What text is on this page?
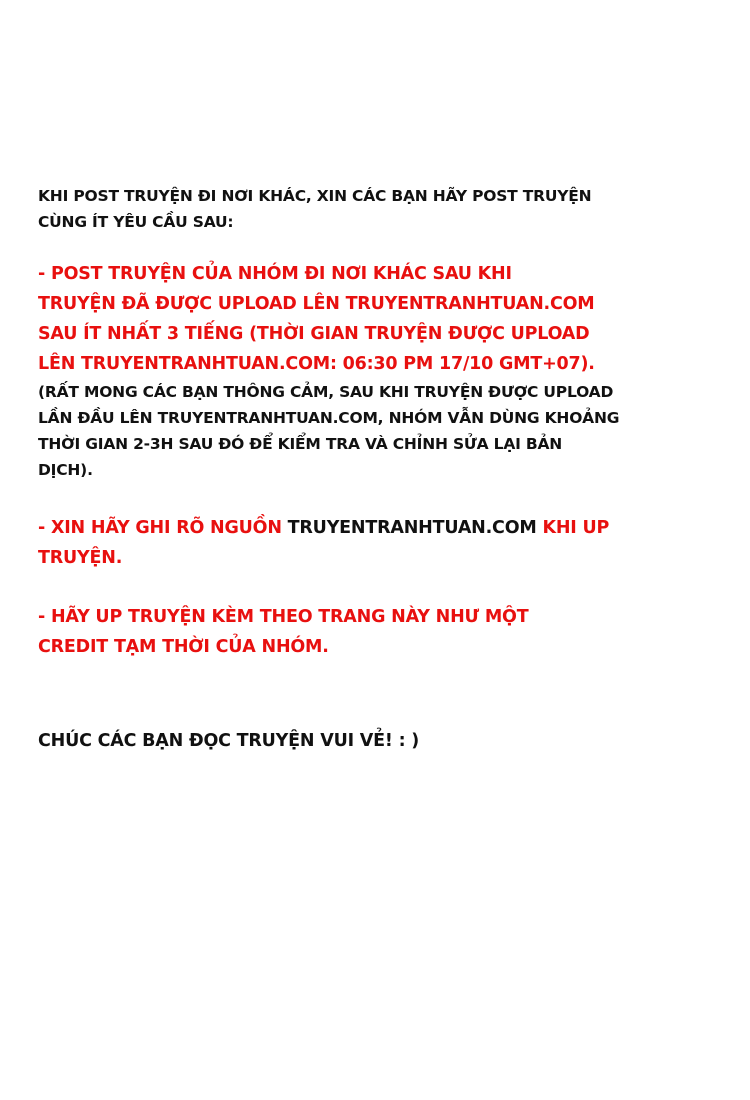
KHI POST TRUYỆN ĐI NƠI KHÁC, XIN CÁC BẠN HÃY POST TRUYỆN

CÙNG ÍT YÊU CẦU SAU:

- POST TRUYỆN CỦA NHÓM ĐI NƠI KHÁC SAU KHI

TRUYỆN ĐÃ ĐƯỢC UPLOAD LÊN TRUYENTRANHTUAN.COM

SAU ÍT NHẤT 3 TIẾNG (THỜI GIAN TRUYỆN ĐƯỢC UPLOAD

LÊN TRUYENTRANHTUAN.COM: 06:30 PM 17/10 GMT+07).

(RẤT MONG CÁC BẠN THÔNG CẢM, SAU KHI TRUYỆN ĐƯỢC UPLOAD

LẦN ĐẦU LÊN TRUYENTRANHTUAN.COM, NHÓM VẪN DÙNG KHOẢNG

THỜI GIAN 2-3H SAU ĐÓ ĐỂ KIỂM TRA VÀ CHỈNH SỬA LẠI BẢN

DỊCH).

- XIN HÃY GHI RÕ NGUỒN TRUYENTRANHTUAN.COM KHI UP

TRUYỆN.

- HÃY UP TRUYỆN KÈM THEO TRANG NÀY NHƯ MỘT

CREDIT TẠM THỜI CỦA NHÓM.

CHÚC CÁC BẠN ĐỌC TRUYỆN VUI VẺ! : )
